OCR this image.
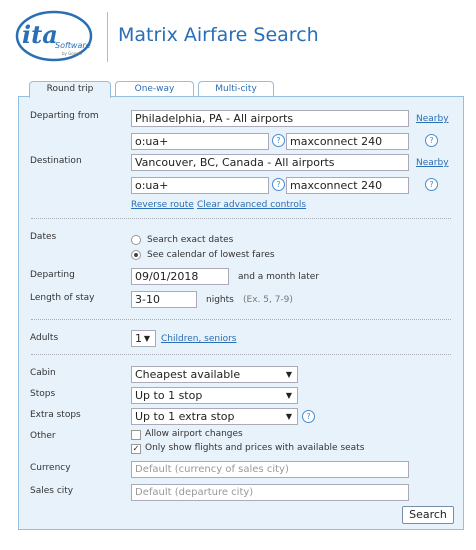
ita
Software
by Google
Matrix Airfare Search
Round trip	One-way	Multi-city
Departing from	Philadelphia, PA - All airports	Nearby
o:ua+	? maxconnect 240	?
Destination	Vancouver, BC, Canada - All airports	Nearby
o:ua+	? maxconnect 240	?
Reverse route Clear advanced controls
Dates	Search exact dates
See calendar of lowest fares
Departing	09/01/2018	and a month later
Length of stay	3-10	nights (Ex. 5, 7-9)
Adults	1 ▼ Children, seniors
Cabin	Cheapest available	▼
Stops	Up to 1 stop	▼
Extra stops	Up to 1 extra stop	▼	?
Other	Allow airport changes
✓ Only show flights and prices with available seats
Currency	Default (currency of sales city)
Sales city	Default (departure city)
Search
